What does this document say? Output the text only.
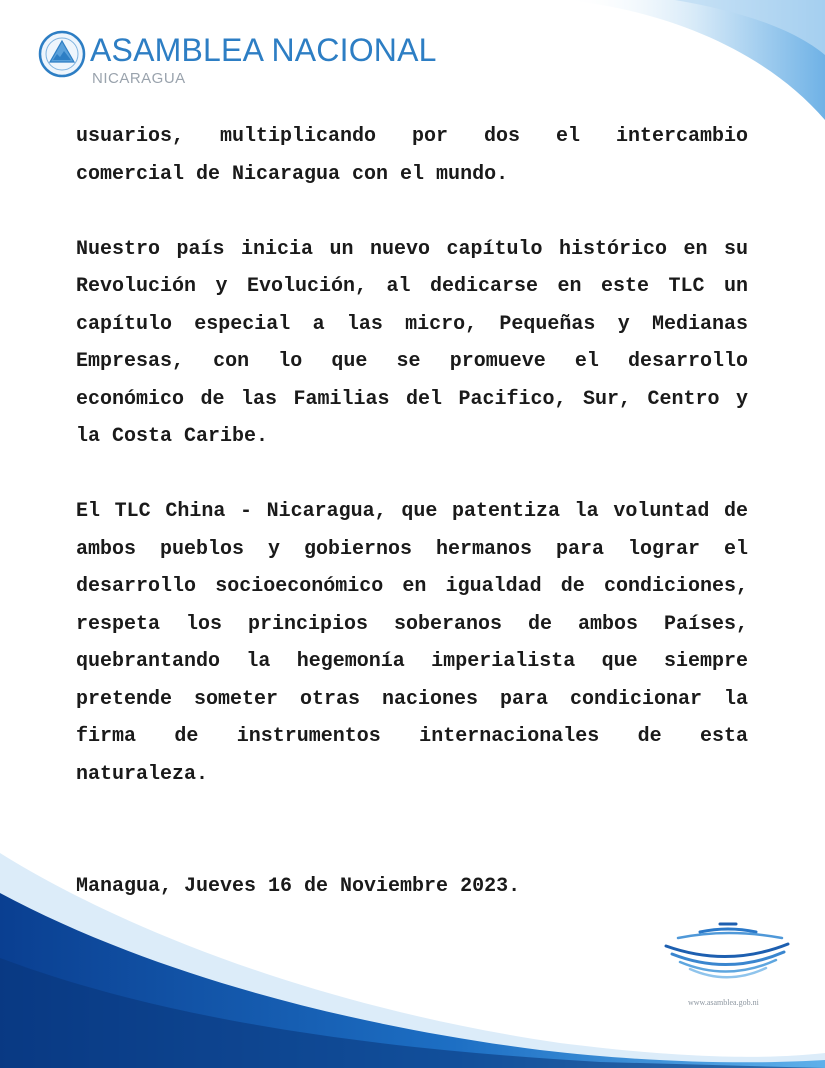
ASAMBLEA NACIONAL
NICARAGUA

usuarios, multiplicando por dos el intercambio comercial de Nicaragua con el mundo.

Nuestro país inicia un nuevo capítulo histórico en su Revolución y Evolución, al dedicarse en este TLC un capítulo especial a las micro, Pequeñas y Medianas Empresas, con lo que se promueve el desarrollo económico de las Familias del Pacifico, Sur, Centro y la Costa Caribe.

El TLC China - Nicaragua, que patentiza la voluntad de ambos pueblos y gobiernos hermanos para lograr el desarrollo socioeconómico en igualdad de condiciones, respeta los principios soberanos de ambos Países, quebrantando la hegemonía imperialista que siempre pretende someter otras naciones para condicionar la firma de instrumentos internacionales de esta naturaleza.

Managua, Jueves 16 de Noviembre 2023.
www.asamblea.gob.ni
